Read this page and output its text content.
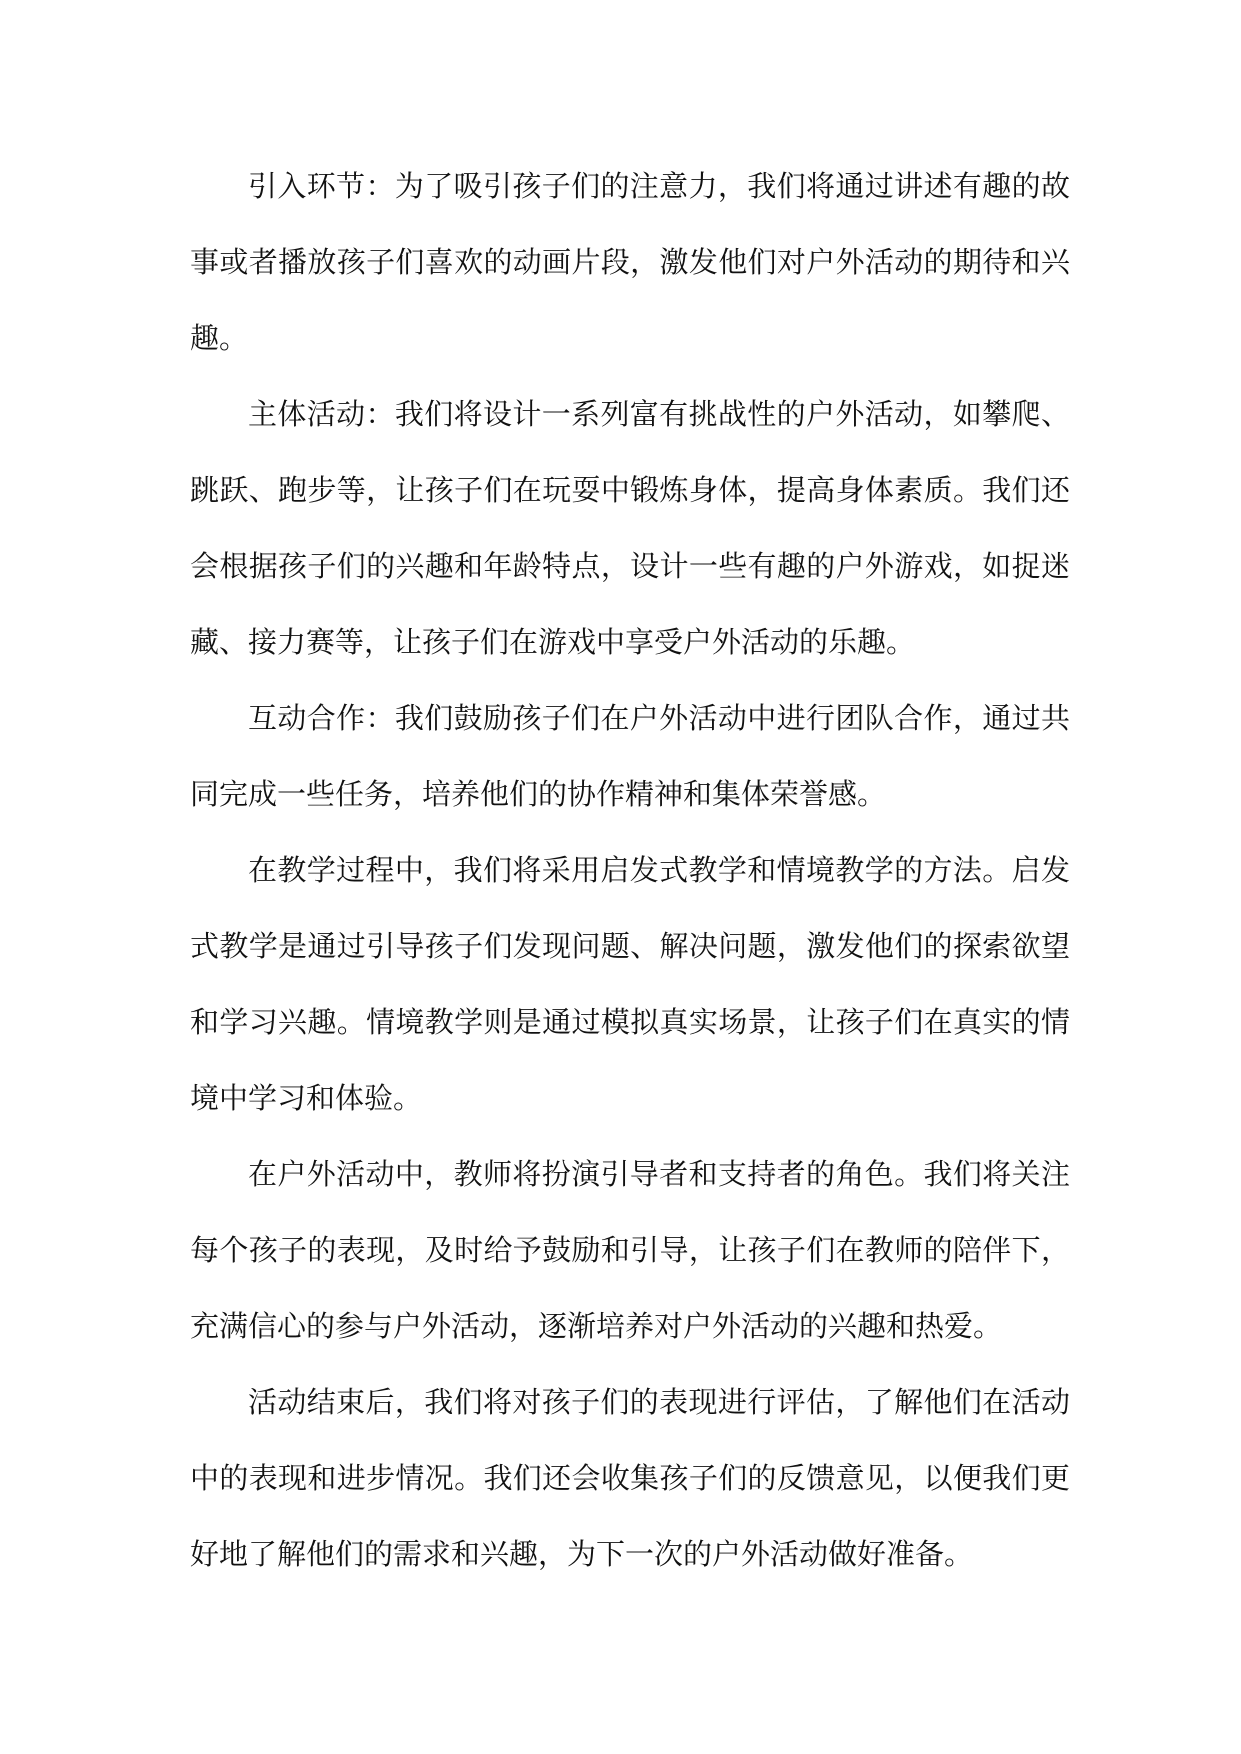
引入环节：为了吸引孩子们的注意力，我们将通过讲述有趣的故事或者播放孩子们喜欢的动画片段，激发他们对户外活动的期待和兴趣。

主体活动：我们将设计一系列富有挑战性的户外活动，如攀爬、跳跃、跑步等，让孩子们在玩耍中锻炼身体，提高身体素质。我们还会根据孩子们的兴趣和年龄特点，设计一些有趣的户外游戏，如捉迷藏、接力赛等，让孩子们在游戏中享受户外活动的乐趣。

互动合作：我们鼓励孩子们在户外活动中进行团队合作，通过共同完成一些任务，培养他们的协作精神和集体荣誉感。

在教学过程中，我们将采用启发式教学和情境教学的方法。启发式教学是通过引导孩子们发现问题、解决问题，激发他们的探索欲望和学习兴趣。情境教学则是通过模拟真实场景，让孩子们在真实的情境中学习和体验。

在户外活动中，教师将扮演引导者和支持者的角色。我们将关注每个孩子的表现，及时给予鼓励和引导，让孩子们在教师的陪伴下，充满信心的参与户外活动，逐渐培养对户外活动的兴趣和热爱。

活动结束后，我们将对孩子们的表现进行评估，了解他们在活动中的表现和进步情况。我们还会收集孩子们的反馈意见，以便我们更好地了解他们的需求和兴趣，为下一次的户外活动做好准备。
